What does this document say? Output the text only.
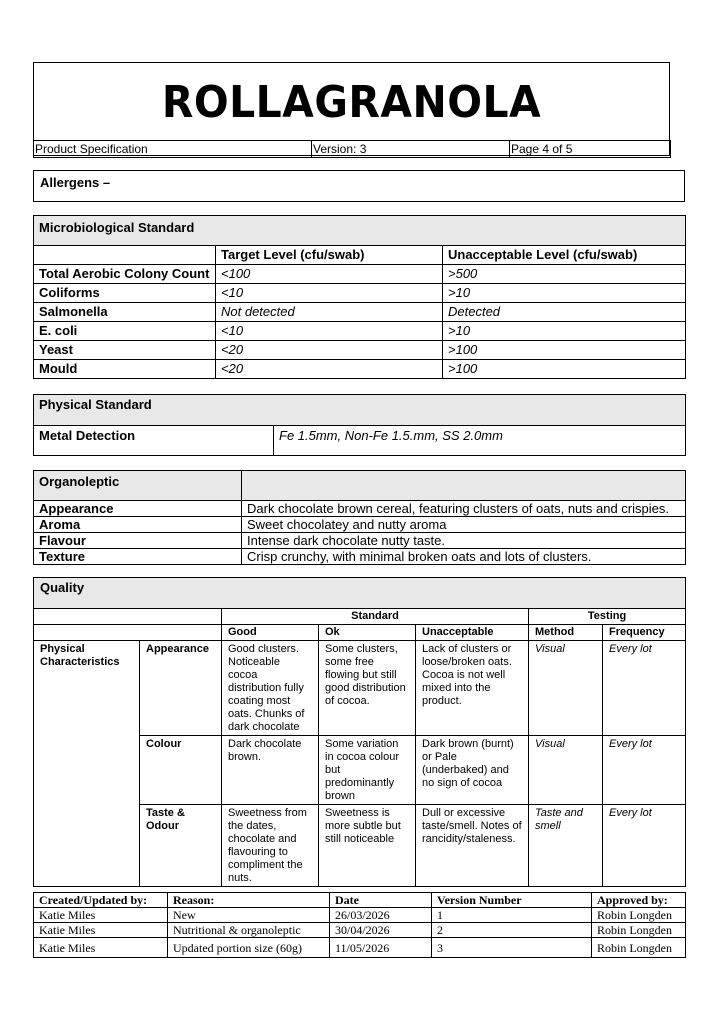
ROLLAGRANOLA
Product Specification	Version: 3	Page 4 of 5
Allergens –
Microbiological Standard		
	Target Level (cfu/swab)	Unacceptable Level (cfu/swab)
Total Aerobic Colony Count	<100	>500
Coliforms	<10	>10
Salmonella	Not detected	Detected
E. coli	<10	>10
Yeast	<20	>100
Mould	<20	>100
Physical Standard
Metal Detection	Fe 1.5mm, Non-Fe 1.5.mm, SS 2.0mm
Organoleptic	
Appearance	Dark chocolate brown cereal, featuring clusters of oats, nuts and crispies.
Aroma	Sweet chocolatey and nutty aroma
Flavour	Intense dark chocolate nutty taste.
Texture	Crisp crunchy, with minimal broken oats and lots of clusters.
Quality						
		Standard			Testing	
		Good	Ok	Unacceptable	Method	Frequency
Physical Characteristics	Appearance	Good clusters. Noticeable cocoa distribution fully coating most oats. Chunks of dark chocolate	Some clusters, some free flowing but still good distribution of cocoa.	Lack of clusters or loose/broken oats. Cocoa is not well mixed into the product.	Visual	Every lot
	Colour	Dark chocolate brown.	Some variation in cocoa colour but predominantly brown	Dark brown (burnt) or Pale (underbaked) and no sign of cocoa	Visual	Every lot
	Taste & Odour	Sweetness from the dates, chocolate and flavouring to compliment the nuts.	Sweetness is more subtle but still noticeable	Dull or excessive taste/smell. Notes of rancidity/staleness.	Taste and smell	Every lot
Created/Updated by:	Reason:	Date	Version Number	Approved by:
Katie Miles	New	26/03/2026	1	Robin Longden
Katie Miles	Nutritional & organoleptic	30/04/2026	2	Robin Longden
Katie Miles	Updated portion size (60g)	11/05/2026	3	Robin Longden
